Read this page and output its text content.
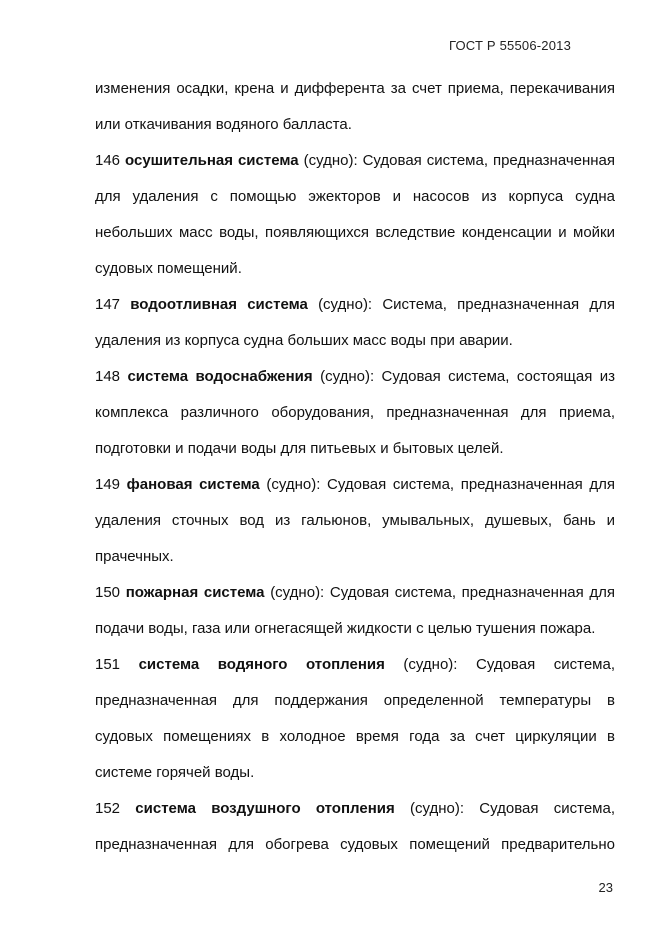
ГОСТ Р 55506-2013

изменения осадки, крена и дифферента за счет приема, перекачивания или откачивания водяного балласта.

146 осушительная система (судно): Судовая система, предназначенная для удаления с помощью эжекторов и насосов из корпуса судна небольших масс воды, появляющихся вследствие конденсации и мойки судовых помещений.

147 водоотливная система (судно): Система, предназначенная для удаления из корпуса судна больших масс воды при аварии.

148 система водоснабжения (судно): Судовая система, состоящая из комплекса различного оборудования, предназначенная для приема, подготовки и подачи воды для питьевых и бытовых целей.

149 фановая система (судно): Судовая система, предназначенная для удаления сточных вод из гальюнов, умывальных, душевых, бань и прачечных.

150 пожарная система (судно): Судовая система, предназначенная для подачи воды, газа или огнегасящей жидкости с целью тушения пожара.

151 система водяного отопления (судно): Судовая система, предназначенная для поддержания определенной температуры в судовых помещениях в холодное время года за счет циркуляции в системе горячей воды.

152 система воздушного отопления (судно): Судовая система, предназначенная для обогрева судовых помещений предварительно

23
